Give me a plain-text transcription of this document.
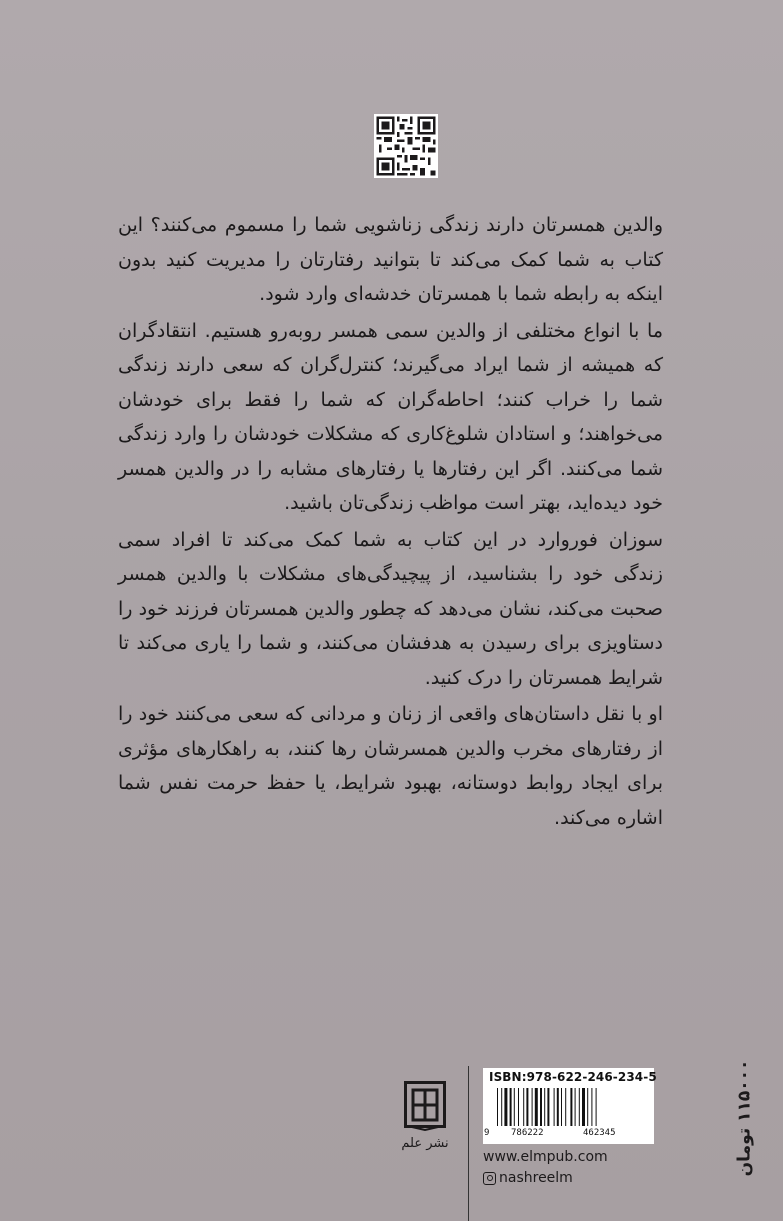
والدین همسرتان دارند زندگی زناشویی شما را مسموم می‌کنند؟ این کتاب به شما کمک می‌کند تا بتوانید رفتارتان را مدیریت کنید بدون اینکه به رابطه شما با همسرتان خدشه‌ای وارد شود.

ما با انواع مختلفی از والدین سمی همسر روبه‌رو هستیم. انتقادگران که همیشه از شما ایراد می‌گیرند؛ کنترل‌گران که سعی دارند زندگی شما را خراب کنند؛ احاطه‌گران که شما را فقط برای خودشان می‌خواهند؛ و استادان شلوغ‌کاری که مشکلات خودشان را وارد زندگی شما می‌کنند. اگر این رفتارها یا رفتارهای مشابه را در والدین همسر خود دیده‌اید، بهتر است مواظب زندگی‌تان باشید.

سوزان فوروارد در این کتاب به شما کمک می‌کند تا افراد سمی زندگی خود را بشناسید، از پیچیدگی‌های مشکلات با والدین همسر صحبت می‌کند، نشان می‌دهد که چطور والدین همسرتان فرزند خود را دستاویزی برای رسیدن به هدفشان می‌کنند، و شما را یاری می‌کند تا شرایط همسرتان را درک کنید.

او با نقل داستان‌های واقعی از زنان و مردانی که سعی می‌کنند خود را از رفتارهای مخرب والدین همسرشان رها کنند، به راهکارهای مؤثری برای ایجاد روابط دوستانه، بهبود شرایط، یا حفظ حرمت نفس شما اشاره می‌کند.

نشر علم
ISBN:978-622-246-234-5
9 786222	462345	۱۱۵۰۰۰ تومان
www.elmpub.com
nashreelm
